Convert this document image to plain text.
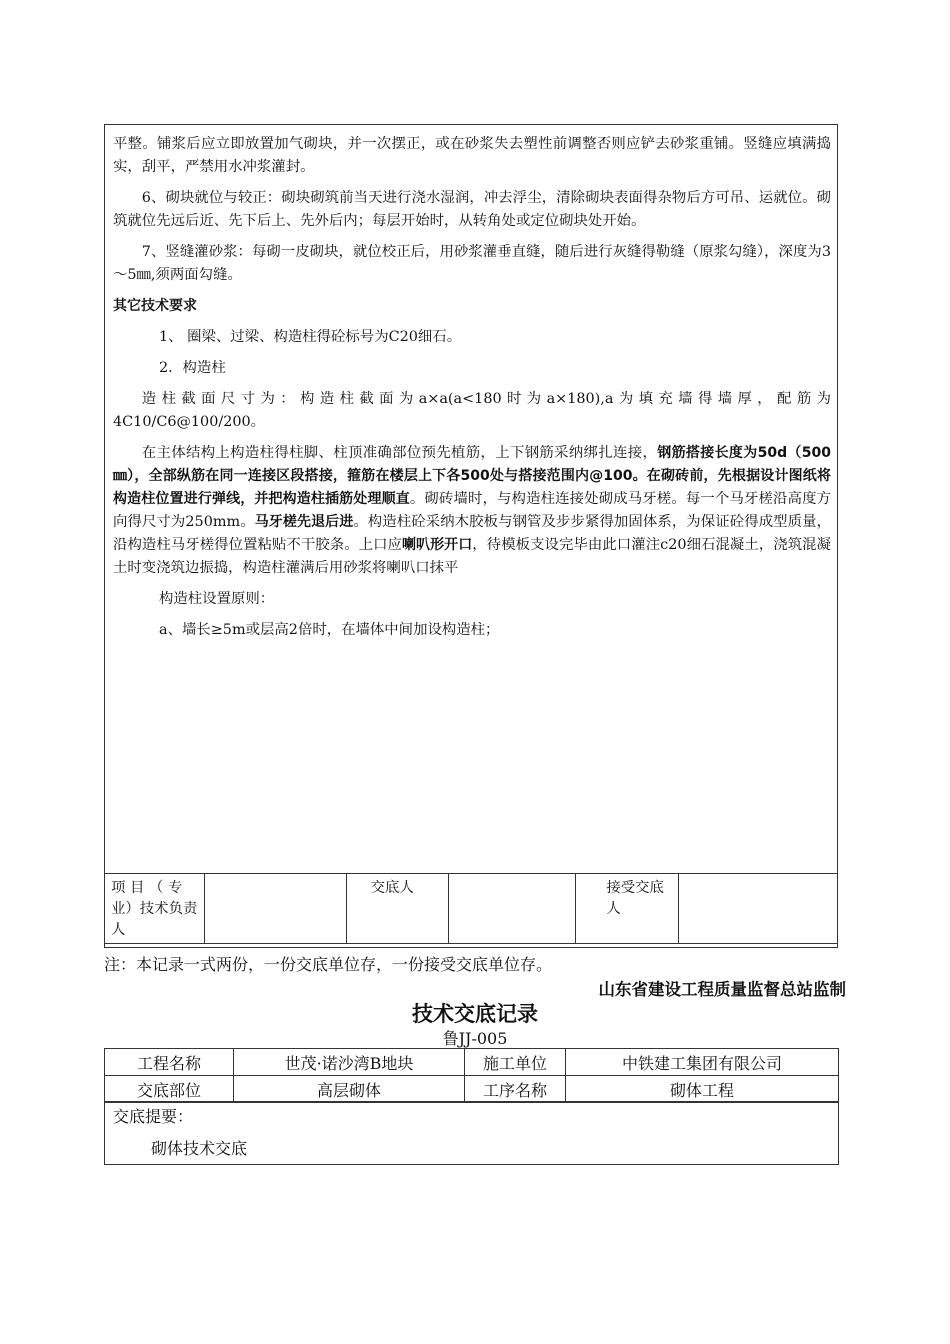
平整。铺浆后应立即放置加气砌块，并一次摆正，或在砂浆失去塑性前调整否则应铲去砂浆重铺。竖缝应填满捣实，刮平，严禁用水冲浆灌封。

6、砌块就位与较正：砌块砌筑前当天进行浇水湿润，冲去浮尘，清除砌块表面得杂物后方可吊、运就位。砌筑就位先远后近、先下后上、先外后内；每层开始时，从转角处或定位砌块处开始。

7、竖缝灌砂浆：每砌一皮砌块，就位校正后，用砂浆灌垂直缝，随后进行灰缝得勒缝（原浆勾缝），深度为3～5㎜,须两面勾缝。

其它技术要求

1、 圈梁、过梁、构造柱得砼标号为C20细石。

2．构造柱

造柱截面尺寸为：构造柱截面为a×a(a<180时为a×180),a为填充墙得墙厚，配筋为4C10/C6@100/200。

在主体结构上构造柱得柱脚、柱顶准确部位预先植筋，上下钢筋采纳绑扎连接，钢筋搭接长度为50d（500㎜），全部纵筋在同一连接区段搭接，箍筋在楼层上下各500处与搭接范围内@100。在砌砖前，先根据设计图纸将构造柱位置进行弹线，并把构造柱插筋处理顺直。砌砖墙时，与构造柱连接处砌成马牙槎。每一个马牙槎沿高度方向得尺寸为250mm。马牙槎先退后进。构造柱砼采纳木胶板与钢管及步步紧得加固体系，为保证砼得成型质量，沿构造柱马牙槎得位置粘贴不干胶条。上口应喇叭形开口，待模板支设完毕由此口灌注c20细石混凝土，浇筑混凝土时变浇筑边振捣，构造柱灌满后用砂浆将喇叭口抹平

构造柱设置原则：

a、墙长≥5m或层高2倍时，在墙体中间加设构造柱；

项 目 （ 专 业）技术负责人		交底人		接受交底人	
注：本记录一式两份，一份交底单位存，一份接受交底单位存。
山东省建设工程质量监督总站监制
技术交底记录
鲁JJ-005
工程名称	世茂·诺沙湾B地块	施工单位	中铁建工集团有限公司
交底部位	高层砌体	工序名称	砌体工程
交底提要：
砌体技术交底
